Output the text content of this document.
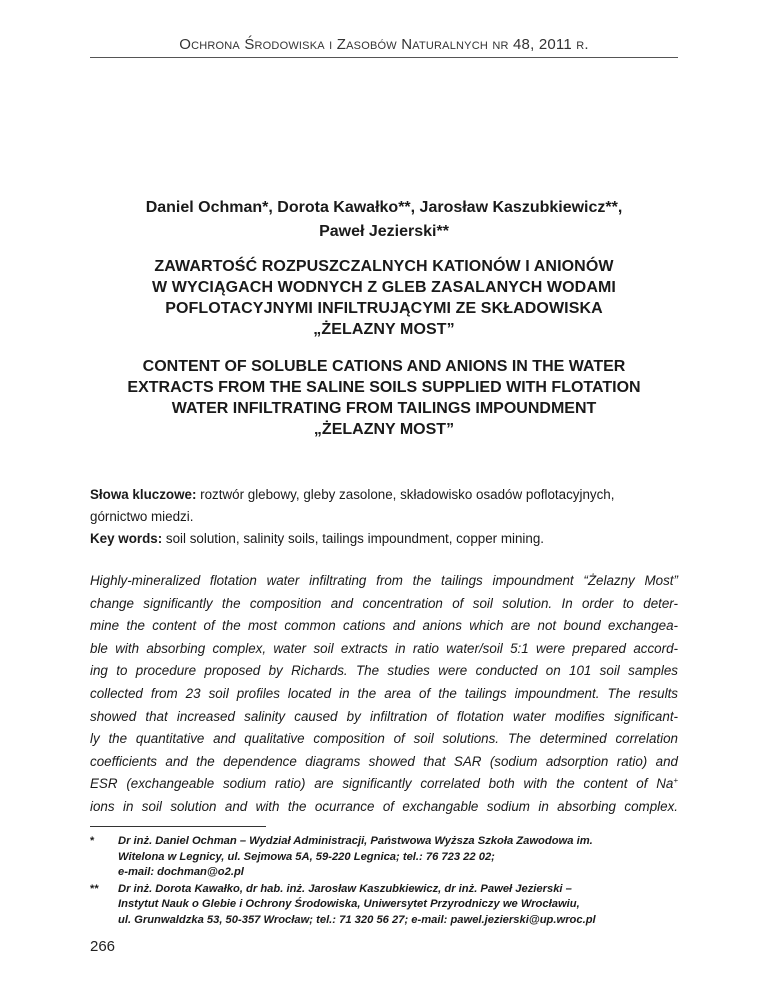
Ochrona Środowiska i Zasobów Naturalnych nr 48, 2011 r.
Daniel Ochman*, Dorota Kawałko**, Jarosław Kaszubkiewicz**,
Paweł Jezierski**
ZAWARTOŚĆ ROZPUSZCZALNYCH KATIONÓW I ANIONÓW
W WYCIĄGACH WODNYCH Z GLEB ZASALANYCH WODAMI
POFLOTACYJNYMI INFILTRUJĄCYMI ZE SKŁADOWISKA
„ŻELAZNY MOST”
CONTENT OF SOLUBLE CATIONS AND ANIONS IN THE WATER
EXTRACTS FROM THE SALINE SOILS SUPPLIED WITH FLOTATION
WATER INFILTRATING FROM TAILINGS IMPOUNDMENT
„ŻELAZNY MOST”
Słowa kluczowe: roztwór glebowy, gleby zasolone, składowisko osadów poflotacyjnych,
górnictwo miedzi.
Key words: soil solution, salinity soils, tailings impoundment, copper mining.
Highly-mineralized flotation water infiltrating from the tailings impoundment “Żelazny Most”
change significantly the composition and concentration of soil solution. In order to deter-
mine the content of the most common cations and anions which are not bound exchangea-
ble with absorbing complex, water soil extracts in ratio water/soil 5:1 were prepared accord-
ing to procedure proposed by Richards. The studies were conducted on 101 soil samples
collected from 23 soil profiles located in the area of the tailings impoundment. The results
showed that increased salinity caused by infiltration of flotation water modifies significant-
ly the quantitative and qualitative composition of soil solutions. The determined correlation
coefficients and the dependence diagrams showed that SAR (sodium adsorption ratio) and
ESR (exchangeable sodium ratio) are significantly correlated both with the content of Na+
ions in soil solution and with the ocurrance of exchangable sodium in absorbing complex.
* Dr inż. Daniel Ochman – Wydział Administracji, Państwowa Wyższa Szkoła Zawodowa im.
Witelona w Legnicy, ul. Sejmowa 5A, 59-220 Legnica; tel.: 76 723 22 02;
e-mail: dochman@o2.pl
** Dr inż. Dorota Kawałko, dr hab. inż. Jarosław Kaszubkiewicz, dr inż. Paweł Jezierski –
Instytut Nauk o Glebie i Ochrony Środowiska, Uniwersytet Przyrodniczy we Wrocławiu,
ul. Grunwaldzka 53, 50-357 Wrocław; tel.: 71 320 56 27; e-mail: pawel.jezierski@up.wroc.pl
266
